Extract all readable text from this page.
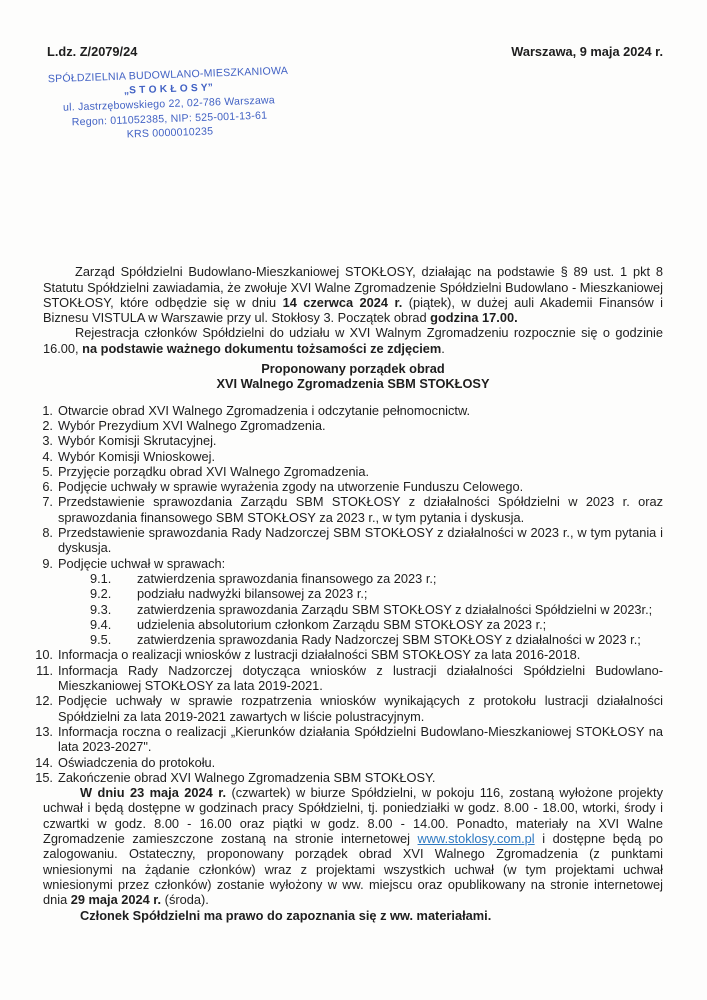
L.dz. Z/2079/24	Warszawa, 9 maja 2024 r.
SPÓŁDZIELNIA BUDOWLANO-MIESZKANIOWA
„S T O K Ł O S Y”
ul. Jastrzębowskiego 22, 02-786 Warszawa
Regon: 011052385, NIP: 525-001-13-61
KRS 0000010235

Zarząd Spółdzielni Budowlano-Mieszkaniowej STOKŁOSY, działając na podstawie § 89 ust. 1 pkt 8 Statutu Spółdzielni zawiadamia, że zwołuje XVI Walne Zgromadzenie Spółdzielni Budowlano - Mieszkaniowej STOKŁOSY, które odbędzie się w dniu 14 czerwca 2024 r. (piątek), w dużej auli Akademii Finansów i Biznesu VISTULA w Warszawie przy ul. Stokłosy 3. Początek obrad godzina 17.00.

Rejestracja członków Spółdzielni do udziału w XVI Walnym Zgromadzeniu rozpocznie się o godzinie 16.00, na podstawie ważnego dokumentu tożsamości ze zdjęciem.

Proponowany porządek obrad
XVI Walnego Zgromadzenia SBM STOKŁOSY
1. Otwarcie obrad XVI Walnego Zgromadzenia i odczytanie pełnomocnictw.
2. Wybór Prezydium XVI Walnego Zgromadzenia.
3. Wybór Komisji Skrutacyjnej.
4. Wybór Komisji Wnioskowej.
5. Przyjęcie porządku obrad XVI Walnego Zgromadzenia.
6. Podjęcie uchwały w sprawie wyrażenia zgody na utworzenie Funduszu Celowego.
7. Przedstawienie sprawozdania Zarządu SBM STOKŁOSY z działalności Spółdzielni w 2023 r. oraz sprawozdania finansowego SBM STOKŁOSY za 2023 r., w tym pytania i dyskusja.
8. Przedstawienie sprawozdania Rady Nadzorczej SBM STOKŁOSY z działalności w 2023 r., w tym pytania i dyskusja.
9. Podjęcie uchwał w sprawach:
9.1.	zatwierdzenia sprawozdania finansowego za 2023 r.;
9.2.	podziału nadwyżki bilansowej za 2023 r.;
9.3.	zatwierdzenia sprawozdania Zarządu SBM STOKŁOSY z działalności Spółdzielni w 2023r.;
9.4.	udzielenia absolutorium członkom Zarządu SBM STOKŁOSY za 2023 r.;
9.5.	zatwierdzenia sprawozdania Rady Nadzorczej SBM STOKŁOSY z działalności w 2023 r.;
10. Informacja o realizacji wniosków z lustracji działalności SBM STOKŁOSY za lata 2016-2018.
11. Informacja Rady Nadzorczej dotycząca wniosków z lustracji działalności Spółdzielni Budowlano-Mieszkaniowej STOKŁOSY za lata 2019-2021.
12. Podjęcie uchwały w sprawie rozpatrzenia wniosków wynikających z protokołu lustracji działalności Spółdzielni za lata 2019-2021 zawartych w liście polustracyjnym.
13. Informacja roczna o realizacji „Kierunków działania Spółdzielni Budowlano-Mieszkaniowej STOKŁOSY na lata 2023-2027".
14. Oświadczenia do protokołu.
15. Zakończenie obrad XVI Walnego Zgromadzenia SBM STOKŁOSY.

W dniu 23 maja 2024 r. (czwartek) w biurze Spółdzielni, w pokoju 116, zostaną wyłożone projekty uchwał i będą dostępne w godzinach pracy Spółdzielni, tj. poniedziałki w godz. 8.00 - 18.00, wtorki, środy i czwartki w godz. 8.00 - 16.00 oraz piątki w godz. 8.00 - 14.00. Ponadto, materiały na XVI Walne Zgromadzenie zamieszczone zostaną na stronie internetowej www.stoklosy.com.pl i dostępne będą po zalogowaniu. Ostateczny, proponowany porządek obrad XVI Walnego Zgromadzenia (z punktami wniesionymi na żądanie członków) wraz z projektami wszystkich uchwał (w tym projektami uchwał wniesionymi przez członków) zostanie wyłożony w ww. miejscu oraz opublikowany na stronie internetowej dnia 29 maja 2024 r. (środa).

Członek Spółdzielni ma prawo do zapoznania się z ww. materiałami.
